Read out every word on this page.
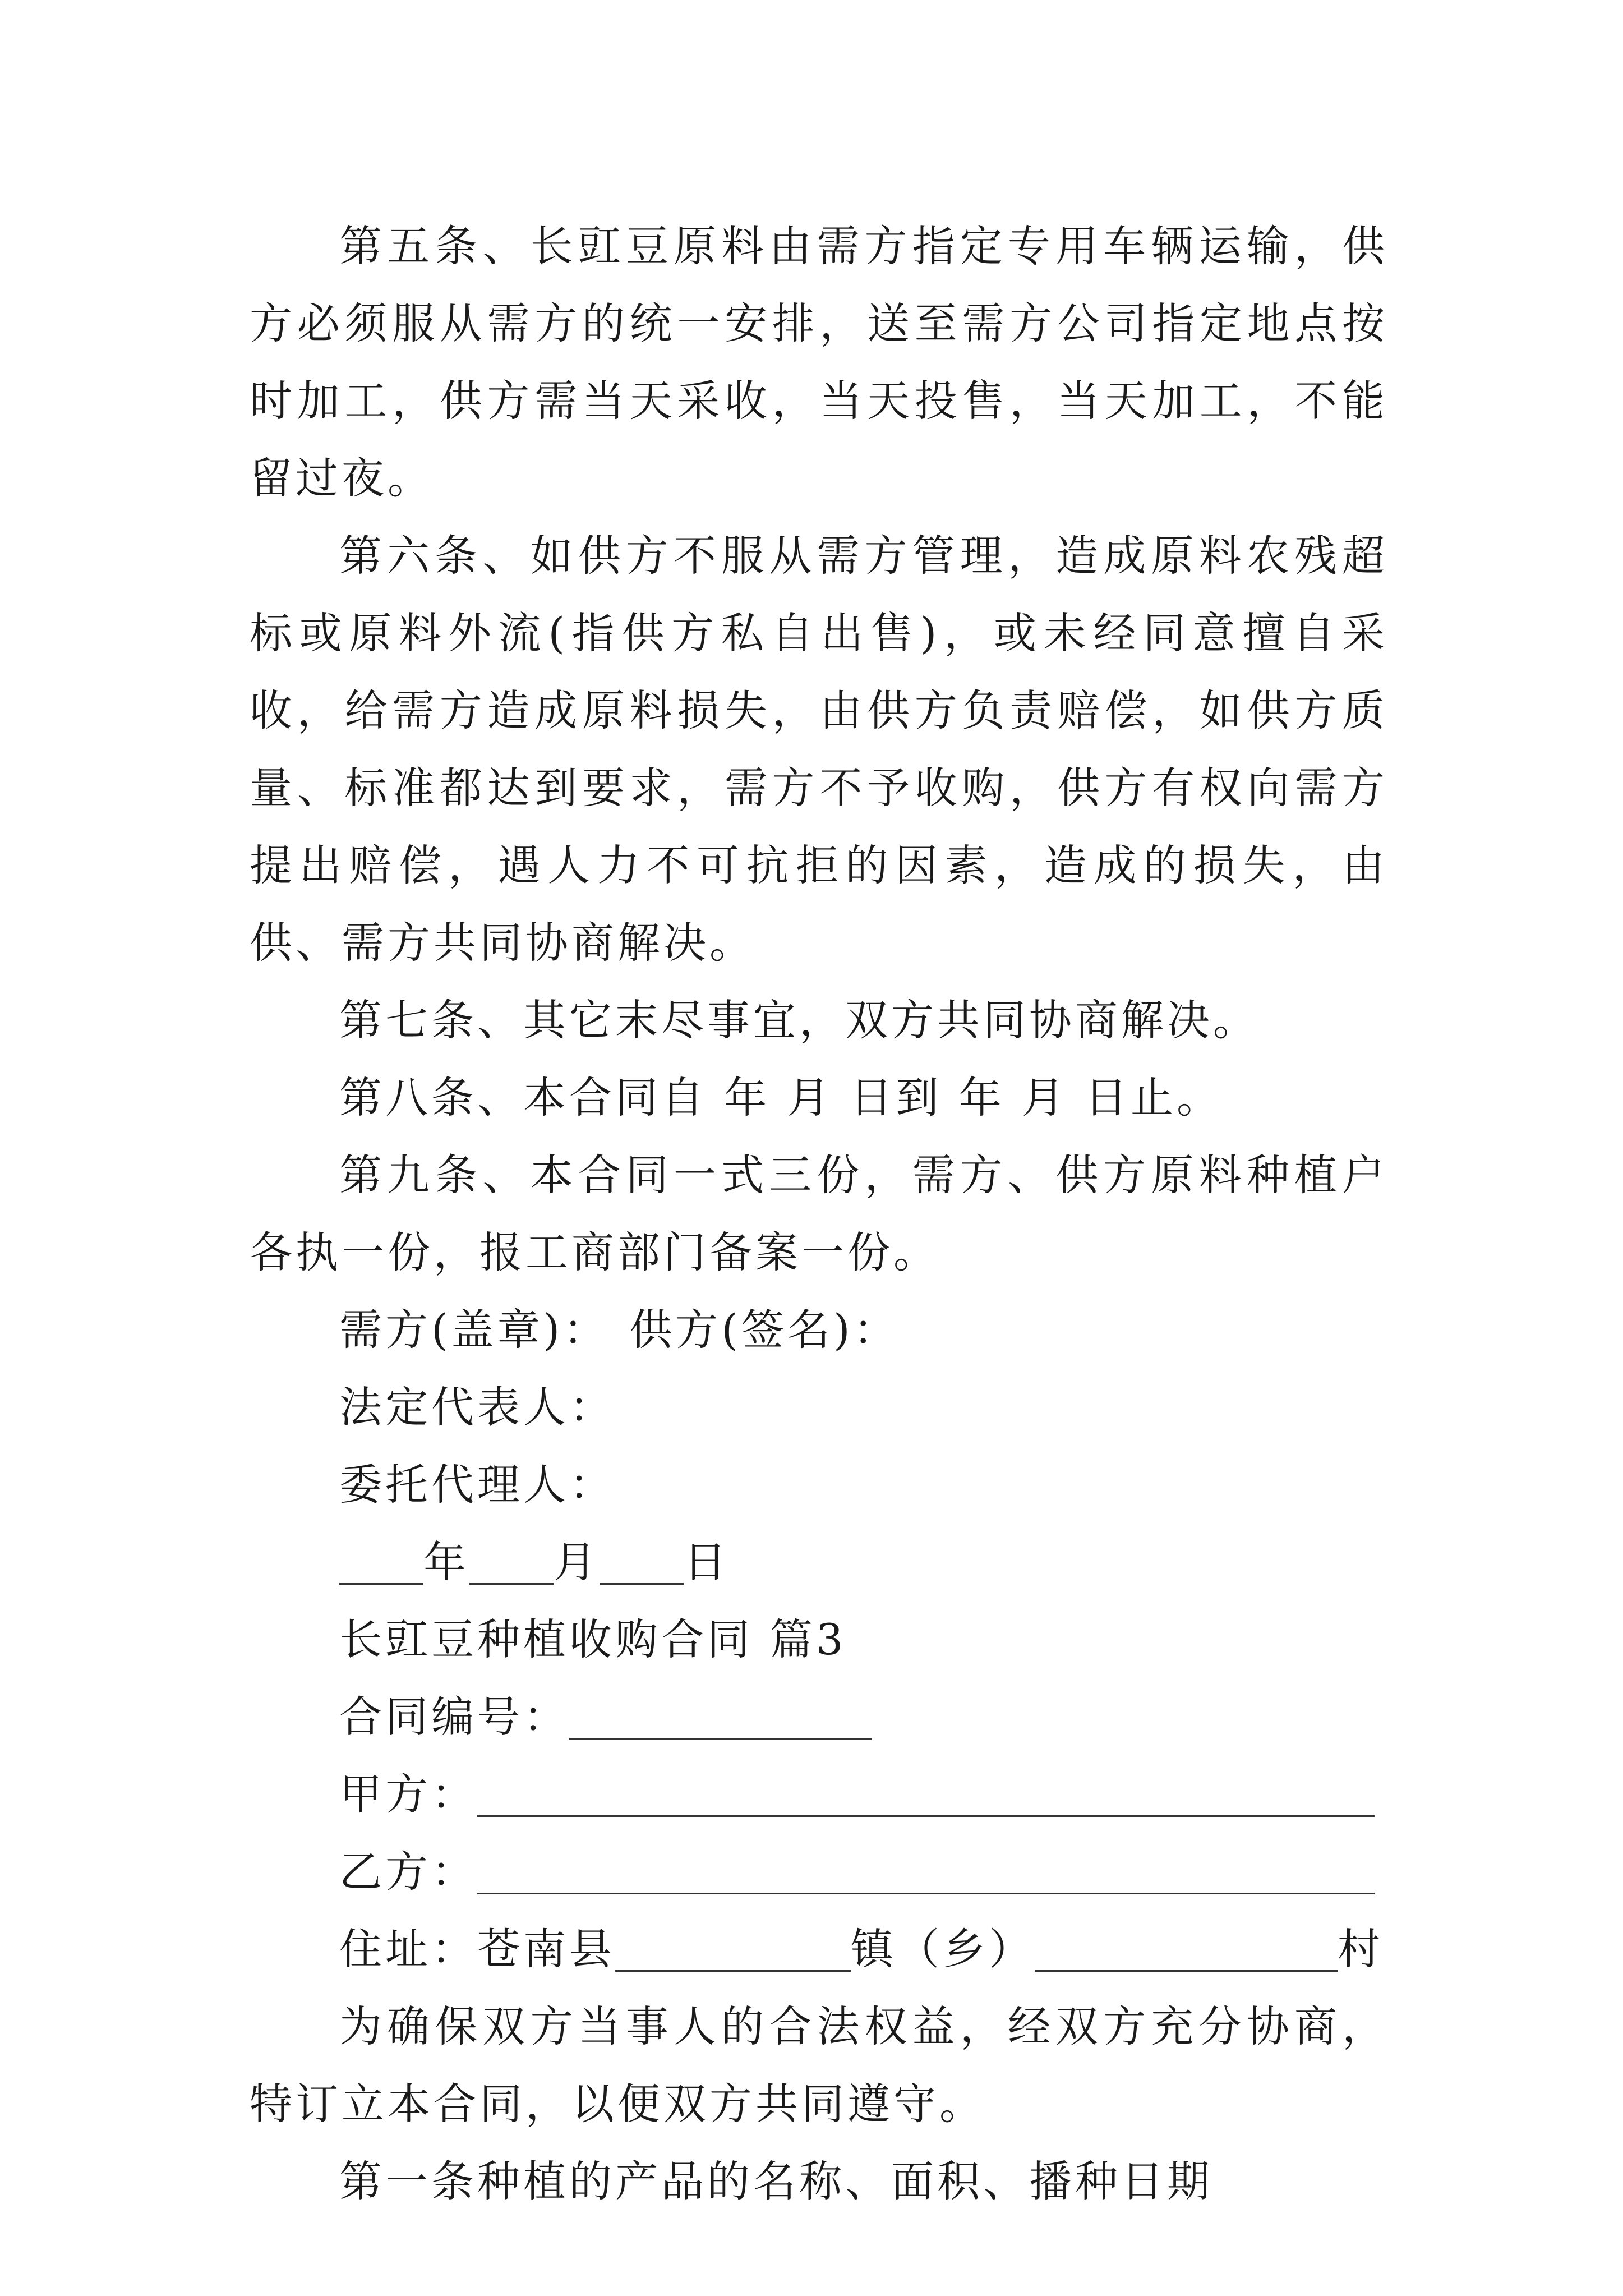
第五条、长豇豆原料由需方指定专用车辆运输，供方必须服从需方的统一安排，送至需方公司指定地点按时加工，供方需当天采收，当天投售，当天加工，不能留过夜。

第六条、如供方不服从需方管理，造成原料农残超标或原料外流(指供方私自出售)，或未经同意擅自采收，给需方造成原料损失，由供方负责赔偿，如供方质量、标准都达到要求，需方不予收购，供方有权向需方提出赔偿，遇人力不可抗拒的因素，造成的损失，由供、需方共同协商解决。

第七条、其它末尽事宜，双方共同协商解决。

第八条、本合同自 年 月 日到 年 月 日止。

第九条、本合同一式三份，需方、供方原料种植户各执一份，报工商部门备案一份。

需方(盖章)： 供方(签名)：
法定代表人：
委托代理人：
年 月 日
长豇豆种植收购合同 篇3
合同编号：
甲方：
乙方：
住址：苍南县	镇（乡）	村

为确保双方当事人的合法权益，经双方充分协商，特订立本合同，以便双方共同遵守。

第一条种植的产品的名称、面积、播种日期
